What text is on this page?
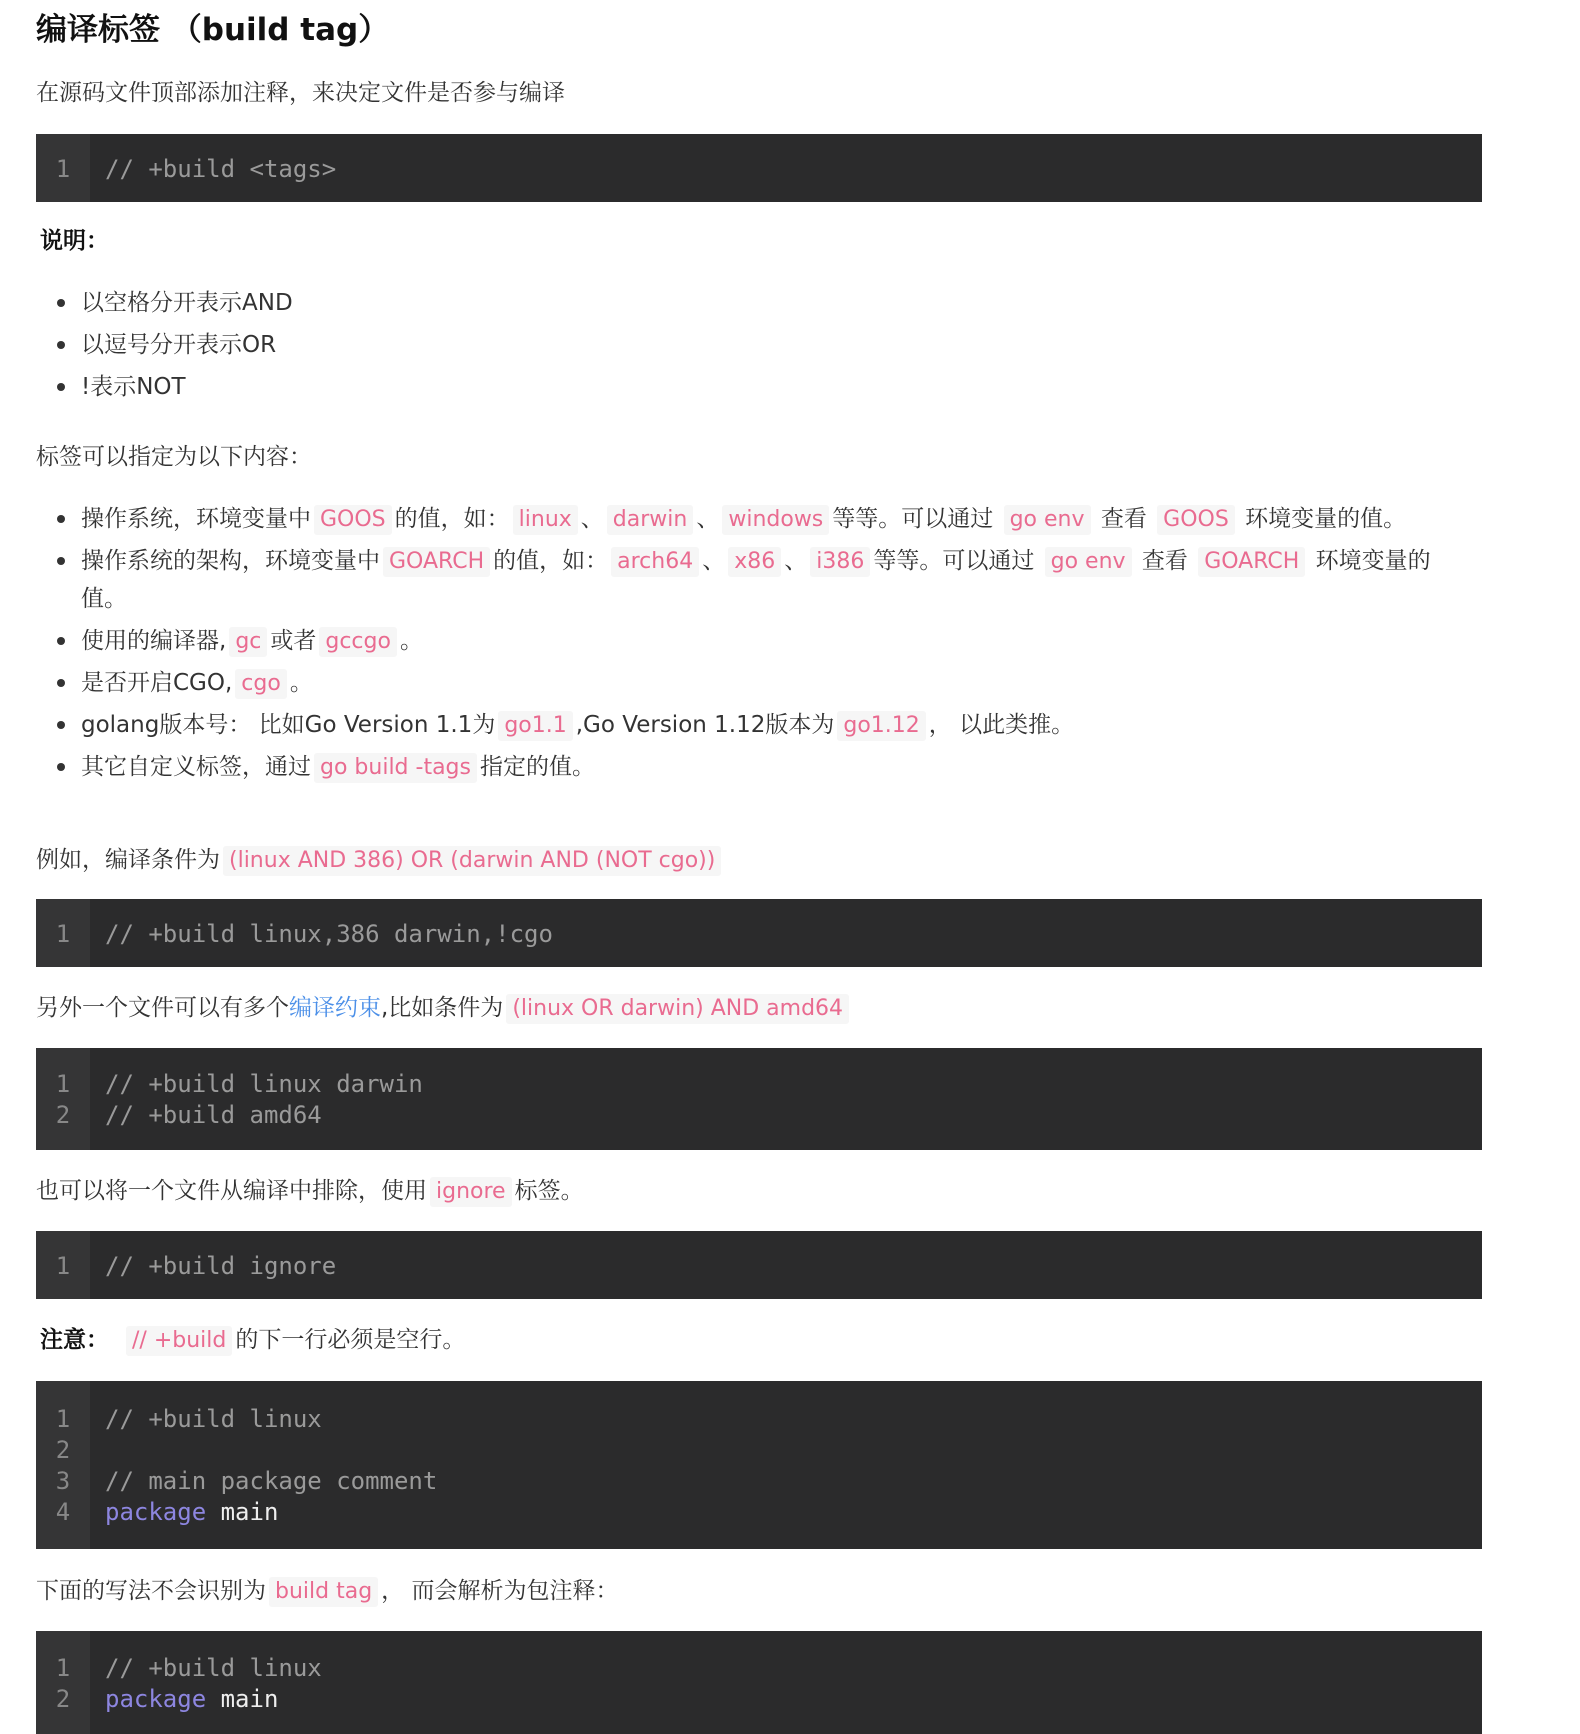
编译标签 （build tag）

在源码文件顶部添加注释，来决定文件是否参与编译

1	// +build <tags>

说明：

以空格分开表示AND
以逗号分开表示OR
!表示NOT

标签可以指定为以下内容：

操作系统，环境变量中 GOOS 的值，如： linux 、 darwin 、 windows 等等。可以通过 go env 查看 GOOS 环境变量的值。
操作系统的架构，环境变量中 GOARCH 的值，如： arch64 、 x86 、 i386 等等。可以通过 go env 查看 GOARCH 环境变量的值。
使用的编译器, gc 或者 gccgo 。
是否开启CGO, cgo 。
golang版本号： 比如Go Version 1.1为 go1.1 ,Go Version 1.12版本为 go1.12 ， 以此类推。
其它自定义标签，通过 go build -tags 指定的值。

例如，编译条件为 (linux AND 386) OR (darwin AND (NOT cgo))

1	// +build linux,386 darwin,!cgo

另外一个文件可以有多个编译约束,比如条件为 (linux OR darwin) AND amd64

1	// +build linux darwin
2	// +build amd64

也可以将一个文件从编译中排除，使用 ignore 标签。

1	// +build ignore

注意： // +build 的下一行必须是空行。

1	// +build linux
2
3	// main package comment
4	package main

下面的写法不会识别为 build tag ， 而会解析为包注释：

1	// +build linux
2	package main
